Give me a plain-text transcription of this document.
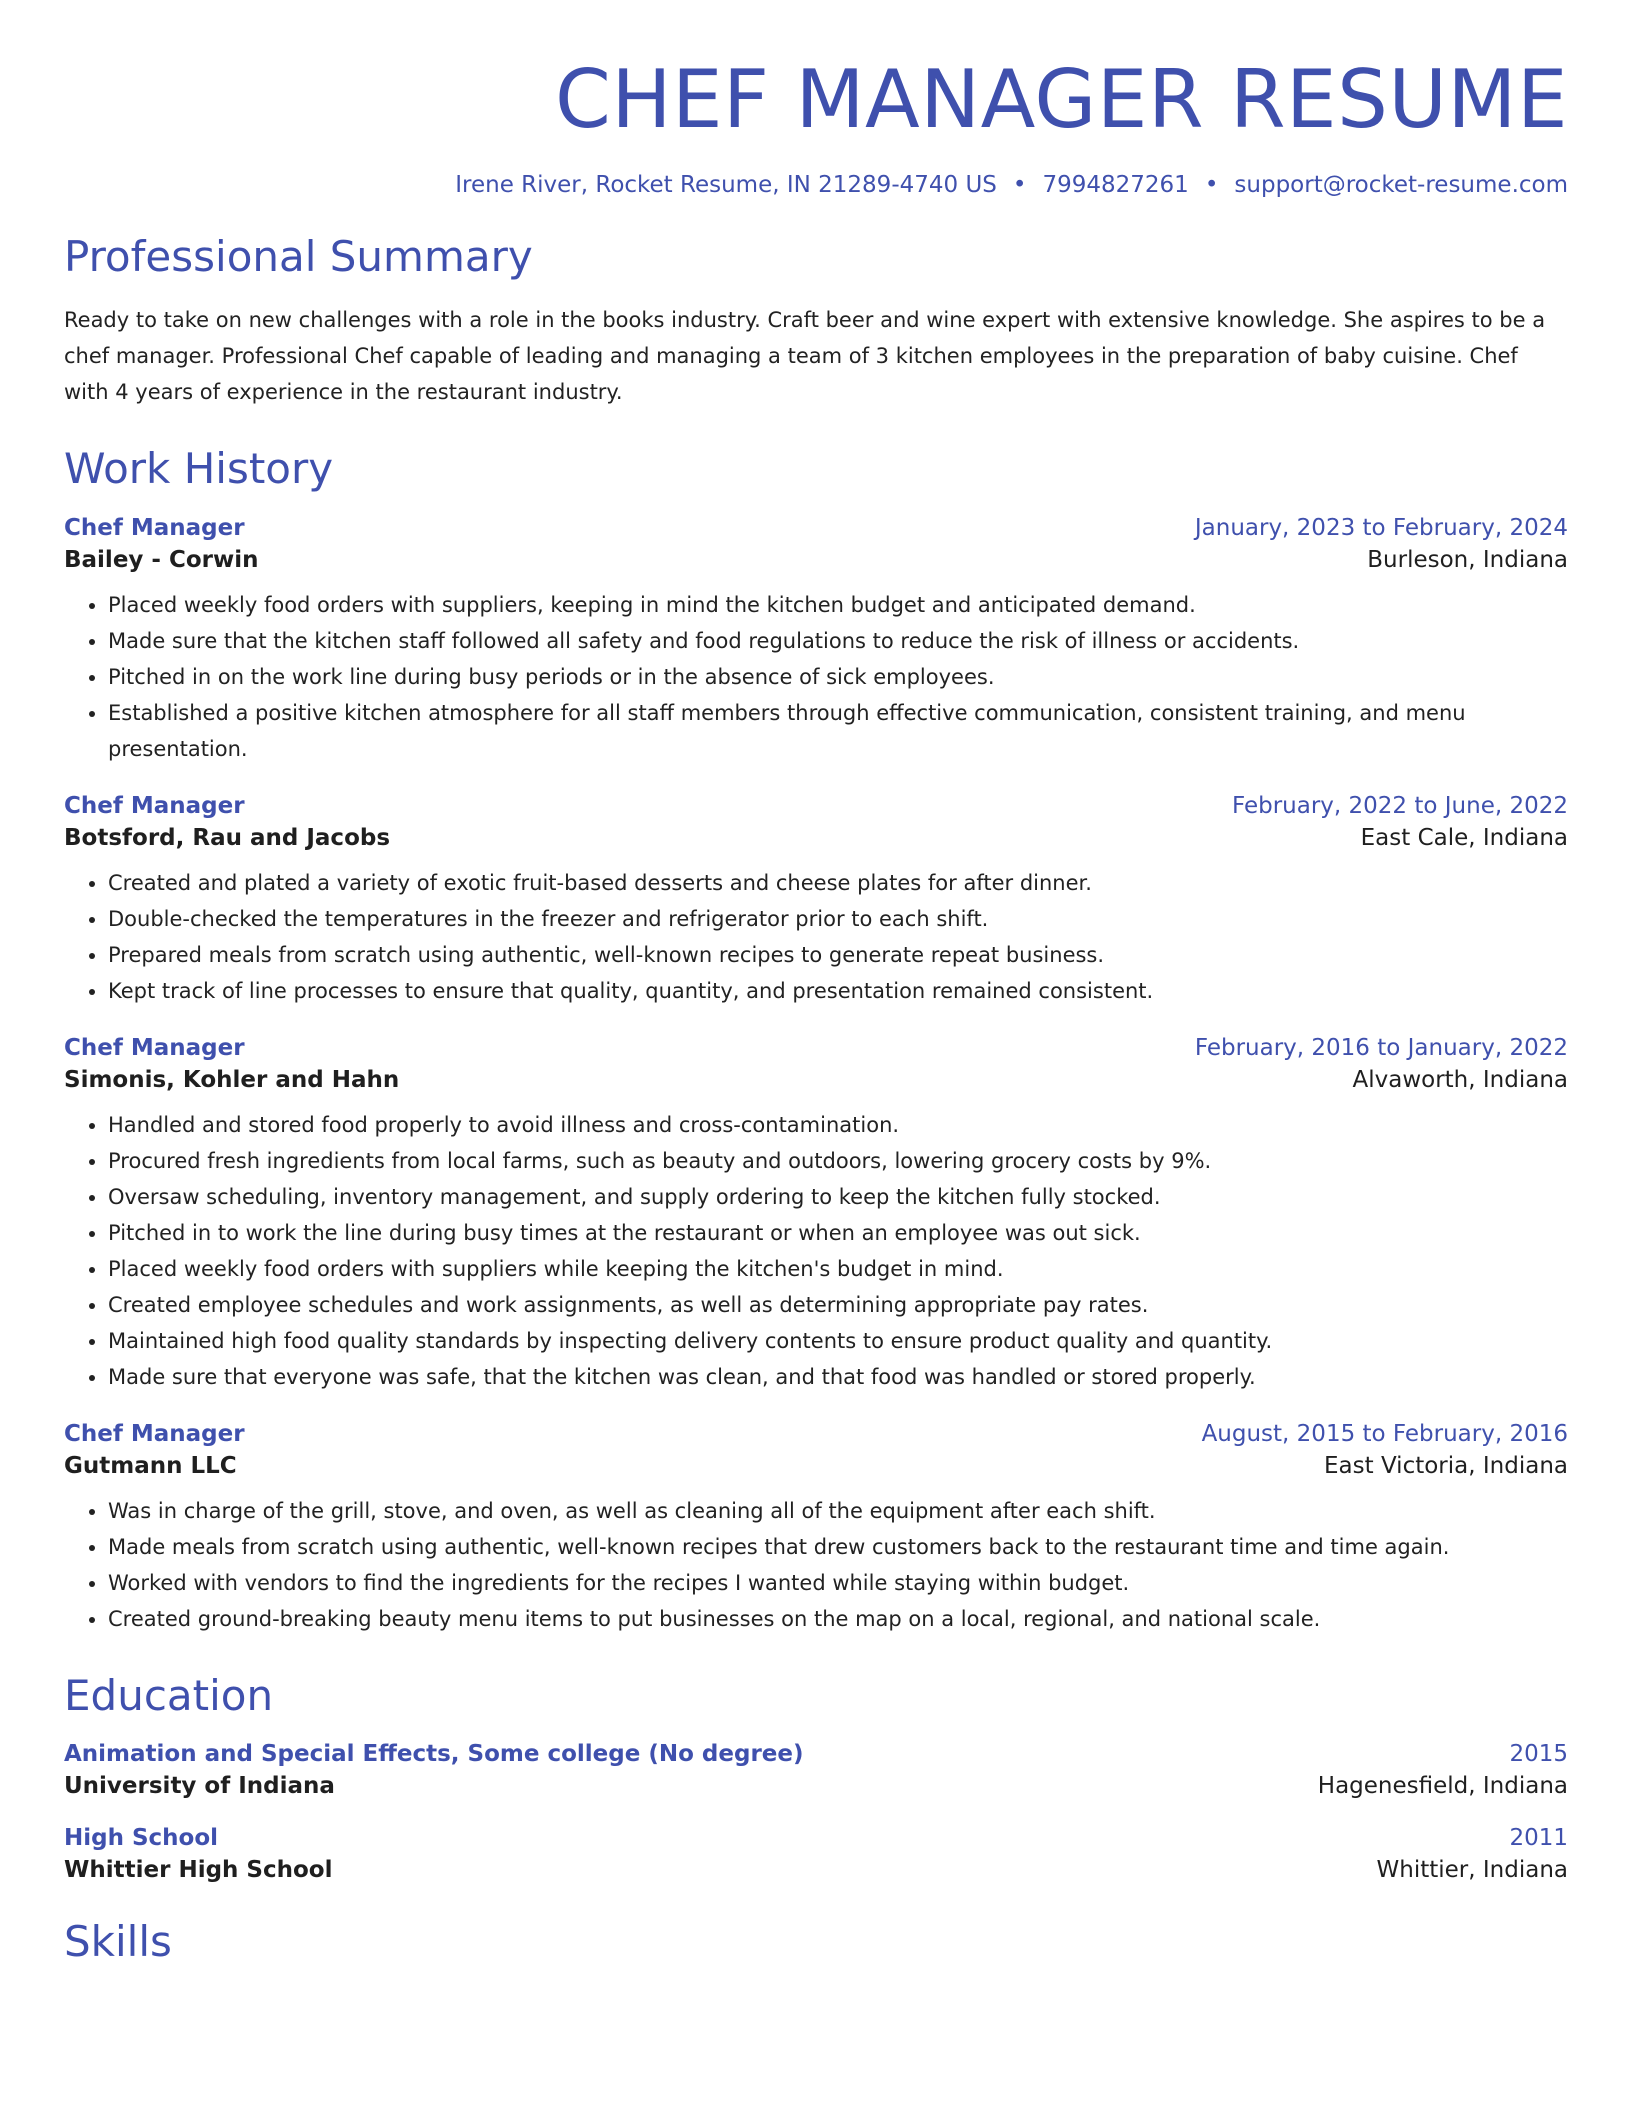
CHEF MANAGER RESUME
Irene River, Rocket Resume, IN 21289-4740 US • 7994827261 • support@rocket-resume.com
Professional Summary

Ready to take on new challenges with a role in the books industry. Craft beer and wine expert with extensive knowledge. She aspires to be a chef manager. Professional Chef capable of leading and managing a team of 3 kitchen employees in the preparation of baby cuisine. Chef with 4 years of experience in the restaurant industry.

Work History
Chef Manager	January, 2023 to February, 2024
Bailey - Corwin	Burleson, Indiana
• Placed weekly food orders with suppliers, keeping in mind the kitchen budget and anticipated demand.
• Made sure that the kitchen staff followed all safety and food regulations to reduce the risk of illness or accidents.
• Pitched in on the work line during busy periods or in the absence of sick employees.
• Established a positive kitchen atmosphere for all staff members through effective communication, consistent training, and menu presentation.
Chef Manager	February, 2022 to June, 2022
Botsford, Rau and Jacobs	East Cale, Indiana
• Created and plated a variety of exotic fruit-based desserts and cheese plates for after dinner.
• Double-checked the temperatures in the freezer and refrigerator prior to each shift.
• Prepared meals from scratch using authentic, well-known recipes to generate repeat business.
• Kept track of line processes to ensure that quality, quantity, and presentation remained consistent.
Chef Manager	February, 2016 to January, 2022
Simonis, Kohler and Hahn	Alvaworth, Indiana
• Handled and stored food properly to avoid illness and cross-contamination.
• Procured fresh ingredients from local farms, such as beauty and outdoors, lowering grocery costs by 9%.
• Oversaw scheduling, inventory management, and supply ordering to keep the kitchen fully stocked.
• Pitched in to work the line during busy times at the restaurant or when an employee was out sick.
• Placed weekly food orders with suppliers while keeping the kitchen's budget in mind.
• Created employee schedules and work assignments, as well as determining appropriate pay rates.
• Maintained high food quality standards by inspecting delivery contents to ensure product quality and quantity.
• Made sure that everyone was safe, that the kitchen was clean, and that food was handled or stored properly.
Chef Manager	August, 2015 to February, 2016
Gutmann LLC	East Victoria, Indiana
• Was in charge of the grill, stove, and oven, as well as cleaning all of the equipment after each shift.
• Made meals from scratch using authentic, well-known recipes that drew customers back to the restaurant time and time again.
• Worked with vendors to find the ingredients for the recipes I wanted while staying within budget.
• Created ground-breaking beauty menu items to put businesses on the map on a local, regional, and national scale.
Education
Animation and Special Effects, Some college (No degree)	2015
University of Indiana	Hagenesfield, Indiana
High School	2011
Whittier High School	Whittier, Indiana
Skills
